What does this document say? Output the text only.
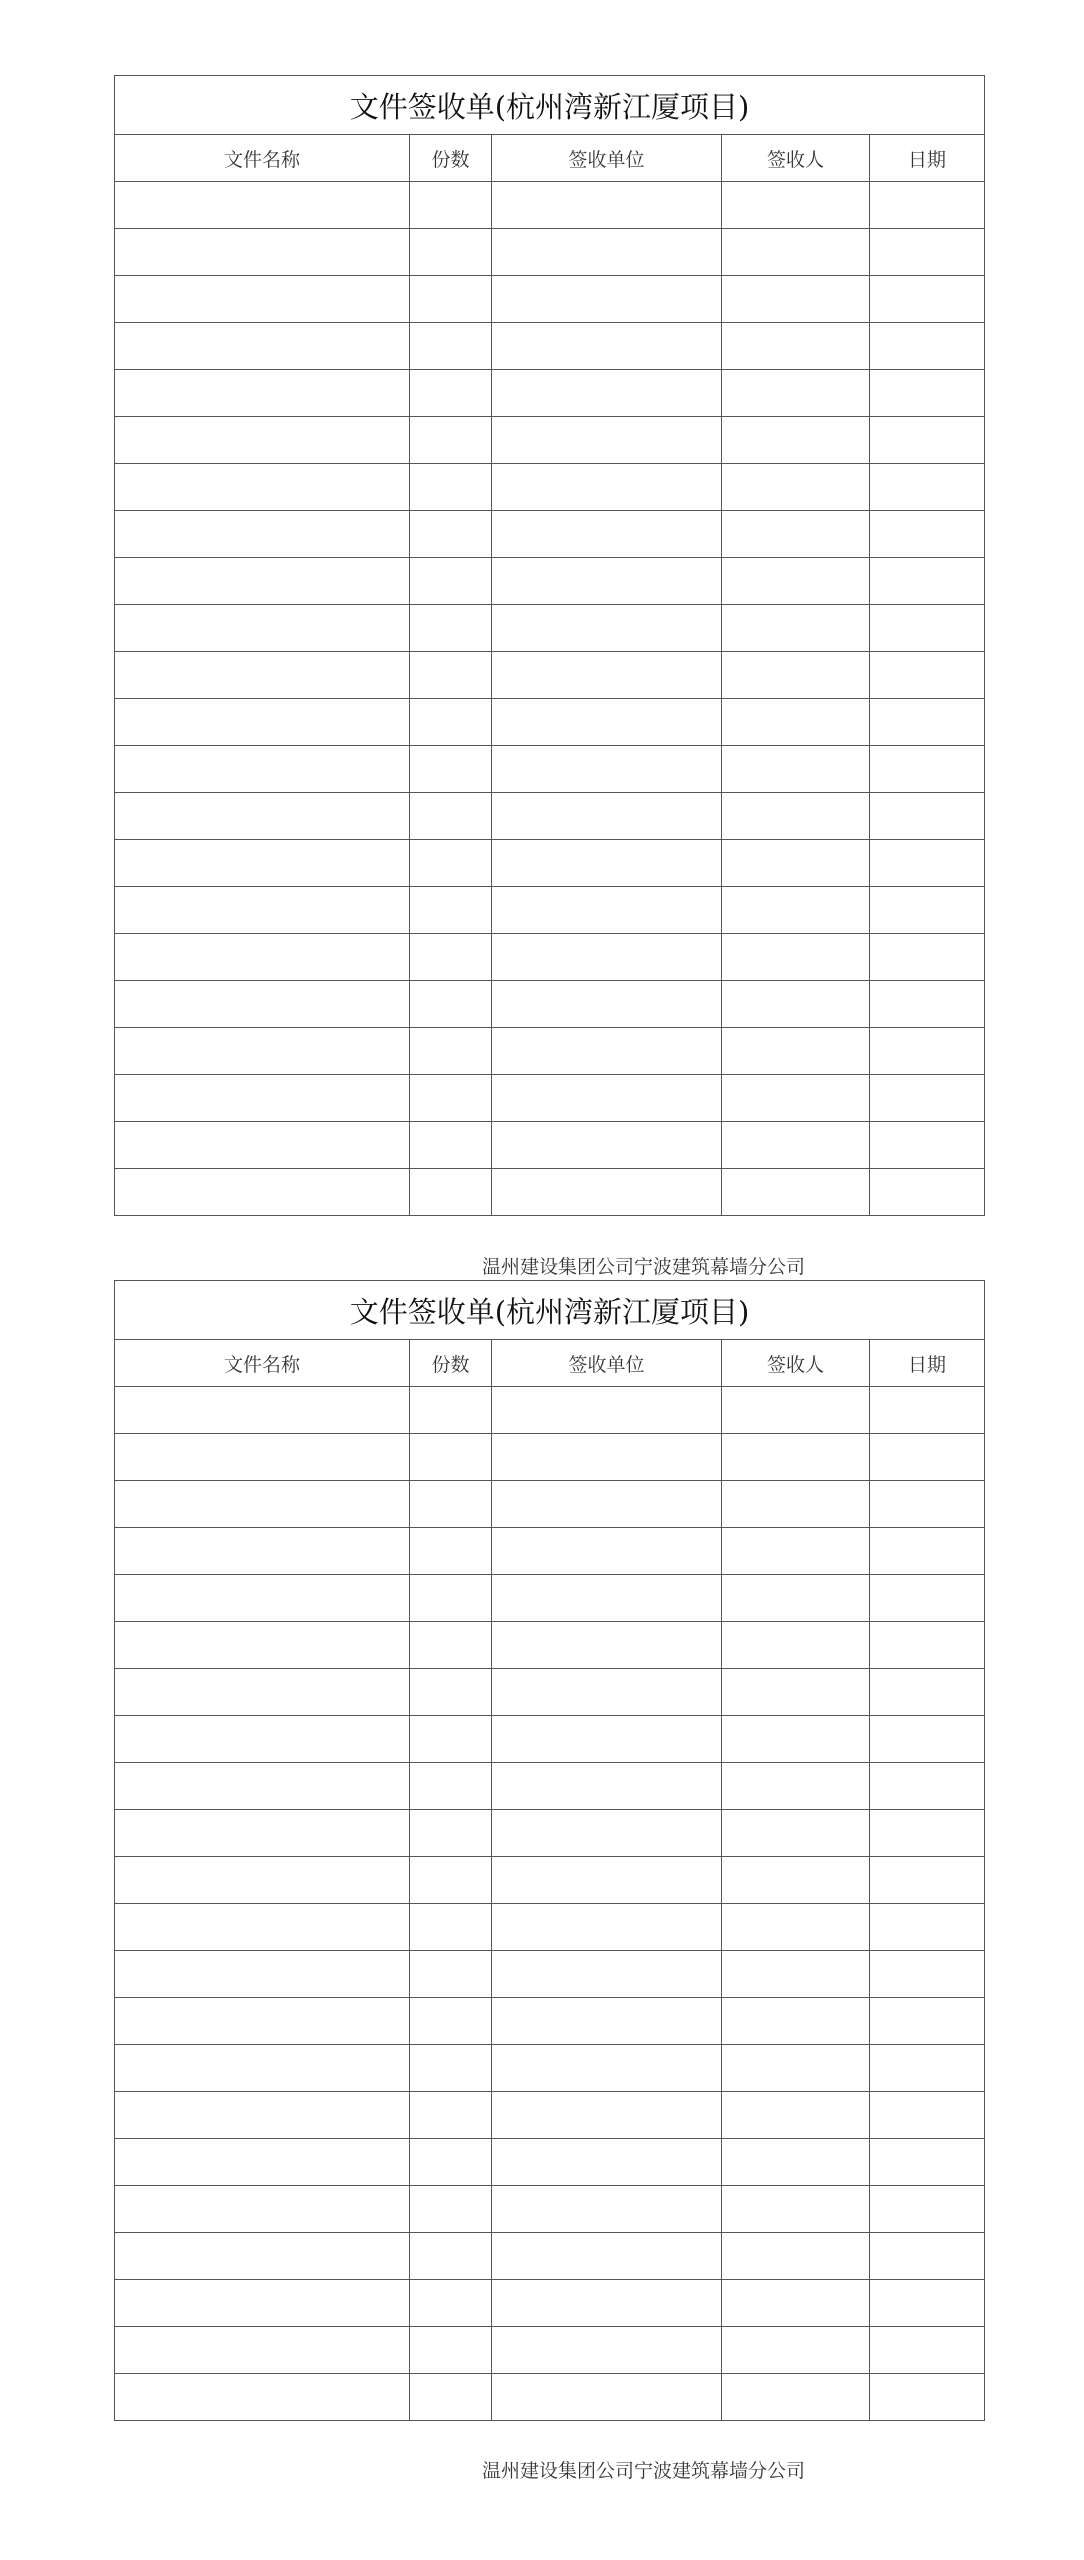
文件签收单(杭州湾新江厦项目)				
文件名称	份数	签收单位	签收人	日期

温州建设集团公司宁波建筑幕墙分公司
文件签收单(杭州湾新江厦项目)				
文件名称	份数	签收单位	签收人	日期

温州建设集团公司宁波建筑幕墙分公司
